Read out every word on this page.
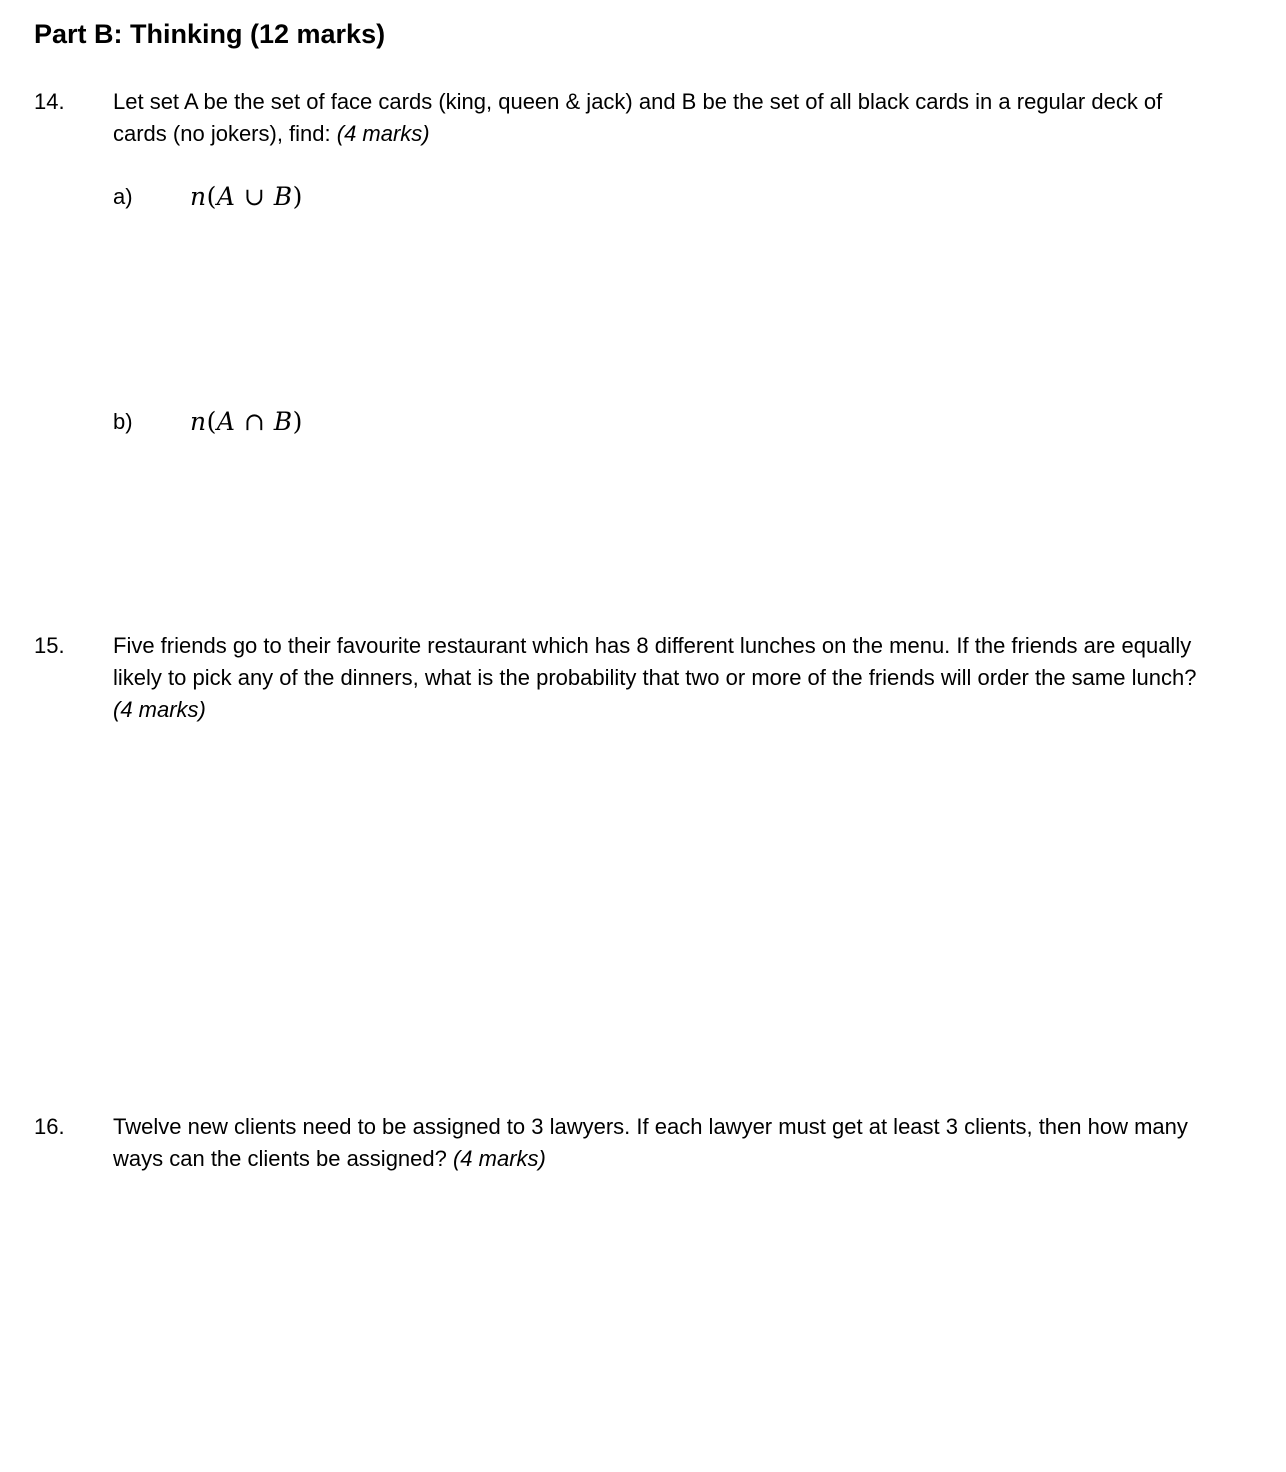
Part B: Thinking (12 marks)
14. Let set A be the set of face cards (king, queen & jack) and B be the set of all black cards in a regular deck of cards (no jokers), find: (4 marks)

a) n(A ∪ B)
b) n(A ∩ B)
15. Five friends go to their favourite restaurant which has 8 different lunches on the menu. If the friends are equally likely to pick any of the dinners, what is the probability that two or more of the friends will order the same lunch? (4 marks)

16. Twelve new clients need to be assigned to 3 lawyers. If each lawyer must get at least 3 clients, then how many ways can the clients be assigned? (4 marks)
